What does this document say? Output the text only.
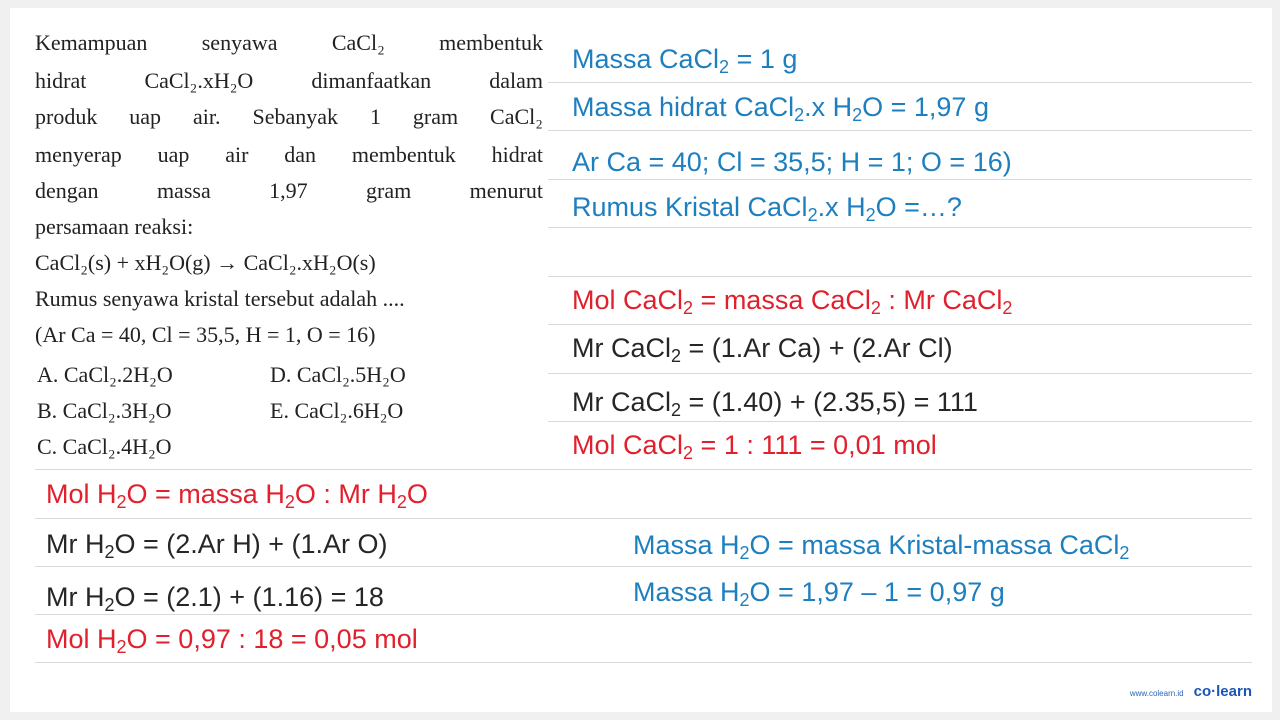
Kemampuan senyawa CaCl₂ membentuk
hidrat	CaCl₂.xH₂O	dimanfaatkan	dalam
produk uap air. Sebanyak 1 gram CaCl₂
menyerap uap air dan membentuk hidrat
dengan	massa	1,97	gram	menurut
persamaan reaksi:
CaCl₂(s) + xH₂O(g) → CaCl₂.xH₂O(s)
Rumus senyawa kristal tersebut adalah ....
(Ar Ca = 40, Cl = 35,5, H = 1, O = 16)
A. CaCl₂.2H₂O
B. CaCl₂.3H₂O
C. CaCl₂.4H₂O
D. CaCl₂.5H₂O
E. CaCl₂.6H₂O
Massa CaCl$_2$ = 1 g
Massa hidrat CaCl$_2$.x $H_2O = 1,97$ g
Ar Ca = 40; Cl = 35,5; H = 1; O = 16)
Rumus Kristal CaCl$_2$.x $H_2O$ =…?
Mol CaCl$_2$ = massa CaCl$_2$ : Mr CaCl$_2$
Mr CaCl$_2$ = (1.Ar Ca) + (2.Ar Cl)
Mr CaCl$_2$ = (1.40) + (2.35,5) = 111
Mol CaCl$_2$ = 1 : 111 = 0,01 mol
Mol $H_2O$ = massa $H_2O$ : Mr $H_2O$
Mr $H_2O = (2.Ar$ H) + (1.Ar O)
Mr $H_2O = (2.1) + (1.16) = 18$
Mol $H_2O = 0,97$ : 18 = 0,05 mol
Massa $H_2O$ = massa Kristal-massa CaCl$_2$
Massa $H_2O = 1,97 - 1 = 0,97$ g
www.colearn.id co·learn
